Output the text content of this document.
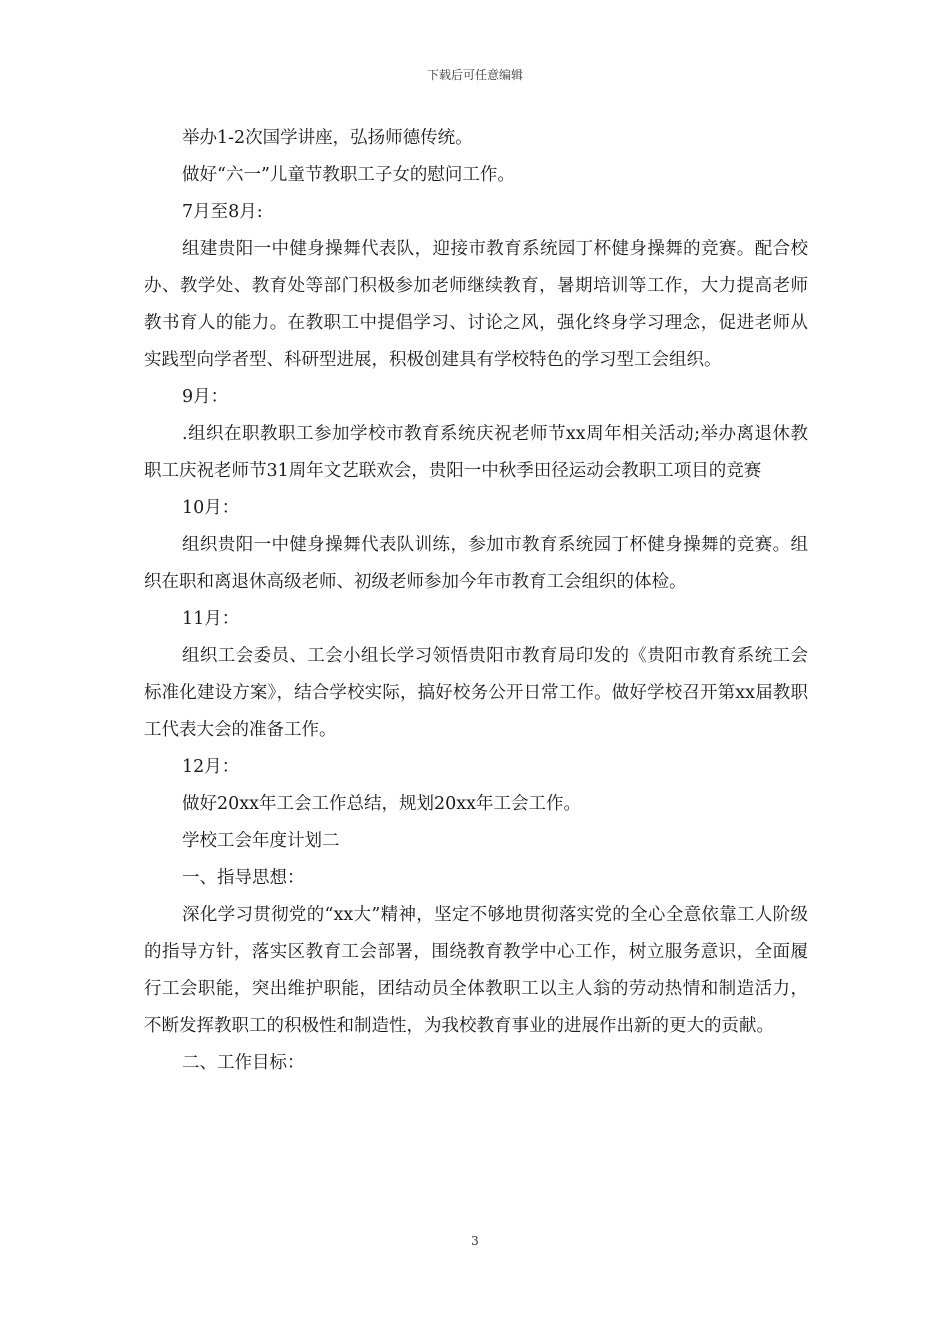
下载后可任意编辑

举办1-2次国学讲座，弘扬师德传统。

做好“六一”儿童节教职工子女的慰问工作。

7月至8月:

组建贵阳一中健身操舞代表队，迎接市教育系统园丁杯健身操舞的竞赛。配合校办、教学处、教育处等部门积极参加老师继续教育，暑期培训等工作，大力提高老师教书育人的能力。在教职工中提倡学习、讨论之风，强化终身学习理念，促进老师从实践型向学者型、科研型进展，积极创建具有学校特色的学习型工会组织。

9月：

.组织在职教职工参加学校市教育系统庆祝老师节xx周年相关活动;举办离退休教职工庆祝老师节31周年文艺联欢会，贵阳一中秋季田径运动会教职工项目的竞赛

10月：

组织贵阳一中健身操舞代表队训练，参加市教育系统园丁杯健身操舞的竞赛。组织在职和离退休高级老师、初级老师参加今年市教育工会组织的体检。

11月：

组织工会委员、工会小组长学习领悟贵阳市教育局印发的《贵阳市教育系统工会标准化建设方案》，结合学校实际，搞好校务公开日常工作。做好学校召开第xx届教职工代表大会的准备工作。

12月：

做好20xx年工会工作总结，规划20xx年工会工作。

学校工会年度计划二

一、指导思想：

深化学习贯彻党的“xx大”精神，坚定不够地贯彻落实党的全心全意依靠工人阶级的指导方针，落实区教育工会部署，围绕教育教学中心工作，树立服务意识，全面履行工会职能，突出维护职能，团结动员全体教职工以主人翁的劳动热情和制造活力，不断发挥教职工的积极性和制造性，为我校教育事业的进展作出新的更大的贡献。

二、工作目标：

3
